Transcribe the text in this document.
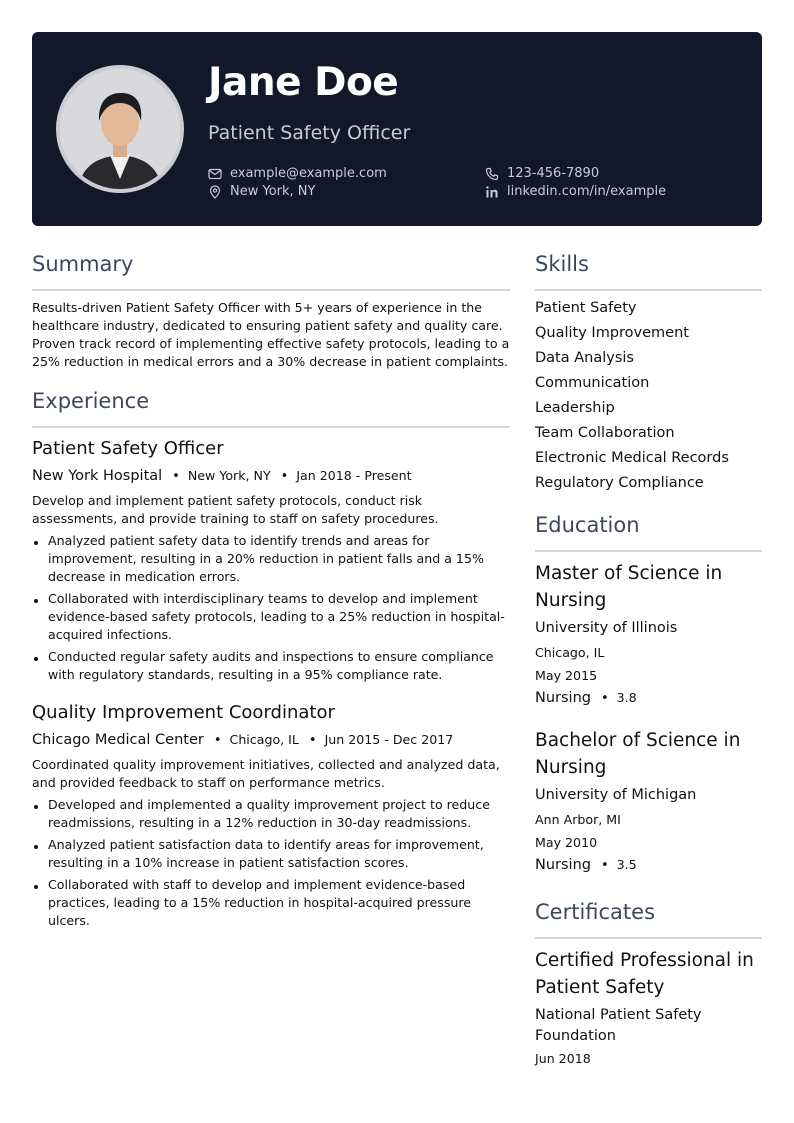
Jane Doe
Patient Safety Officer
example@example.com
New York, NY
123-456-7890
linkedin.com/in/example
Summary

Results-driven Patient Safety Officer with 5+ years of experience in the healthcare industry, dedicated to ensuring patient safety and quality care. Proven track record of implementing effective safety protocols, leading to a 25% reduction in medical errors and a 30% decrease in patient complaints.

Experience
Patient Safety Officer
New York Hospital • New York, NY • Jan 2018 - Present

Develop and implement patient safety protocols, conduct risk assessments, and provide training to staff on safety procedures.

Analyzed patient safety data to identify trends and areas for improvement, resulting in a 20% reduction in patient falls and a 15% decrease in medication errors.
Collaborated with interdisciplinary teams to develop and implement evidence-based safety protocols, leading to a 25% reduction in hospital-acquired infections.
Conducted regular safety audits and inspections to ensure compliance with regulatory standards, resulting in a 95% compliance rate.
Quality Improvement Coordinator
Chicago Medical Center • Chicago, IL • Jun 2015 - Dec 2017

Coordinated quality improvement initiatives, collected and analyzed data, and provided feedback to staff on performance metrics.

Developed and implemented a quality improvement project to reduce readmissions, resulting in a 12% reduction in 30-day readmissions.
Analyzed patient satisfaction data to identify areas for improvement, resulting in a 10% increase in patient satisfaction scores.
Collaborated with staff to develop and implement evidence-based practices, leading to a 15% reduction in hospital-acquired pressure ulcers.
Skills
Patient Safety
Quality Improvement
Data Analysis
Communication
Leadership
Team Collaboration
Electronic Medical Records
Regulatory Compliance
Education
Master of Science in Nursing
University of Illinois
Chicago, IL
May 2015
Nursing • 3.8
Bachelor of Science in Nursing
University of Michigan
Ann Arbor, MI
May 2010
Nursing • 3.5
Certificates
Certified Professional in Patient Safety
National Patient Safety Foundation
Jun 2018
